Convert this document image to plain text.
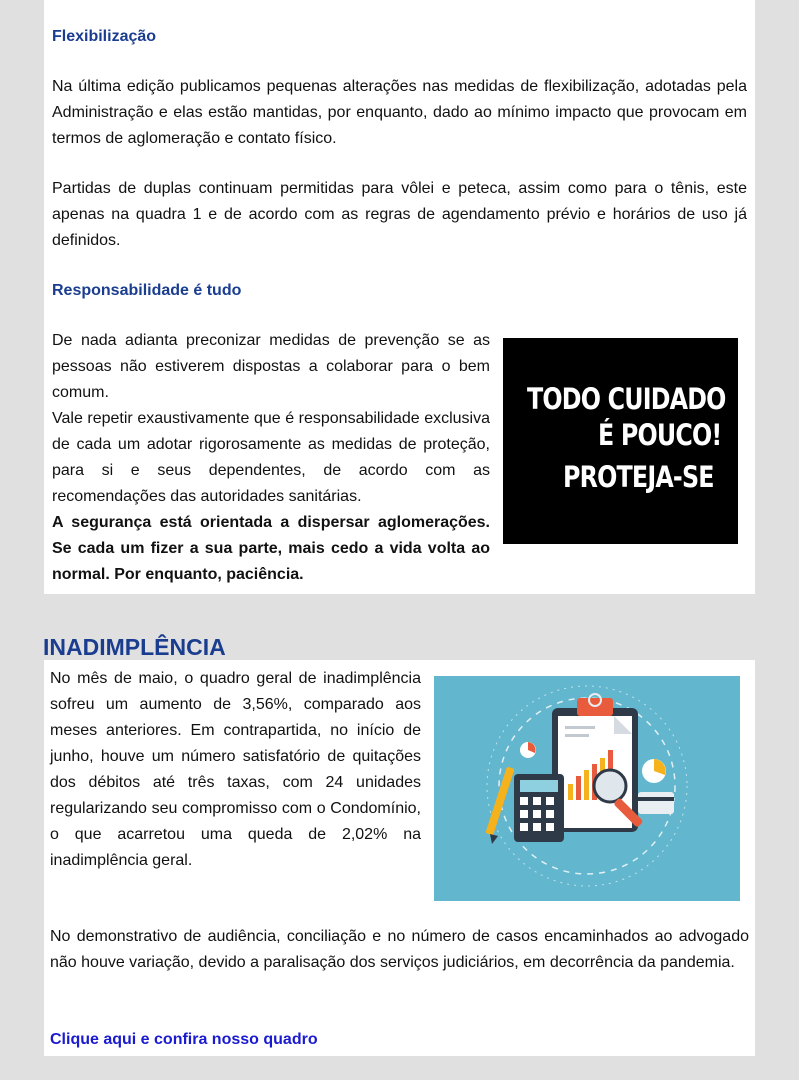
Flexibilização

Na última edição publicamos pequenas alterações nas medidas de flexibilização, adotadas pela Administração e elas estão mantidas, por enquanto, dado ao mínimo impacto que provocam em termos de aglomeração e contato físico.

Partidas de duplas continuam permitidas para vôlei e peteca, assim como para o tênis, este apenas na quadra 1 e de acordo com as regras de agendamento prévio e horários de uso já definidos.

Responsabilidade é tudo

De nada adianta preconizar medidas de prevenção se as pessoas não estiverem dispostas a colaborar para o bem comum.

Vale repetir exaustivamente que é responsabilidade exclusiva de cada um adotar rigorosamente as medidas de proteção, para si e seus dependentes, de acordo com as recomendações das autoridades sanitárias.

A segurança está orientada a dispersar aglomerações. Se cada um fizer a sua parte, mais cedo a vida volta ao normal. Por enquanto, paciência.

TODO CUIDADO
É POUCO!
PROTEJA-SE
INADIMPLÊNCIA

No mês de maio, o quadro geral de inadimplência sofreu um aumento de 3,56%, comparado aos meses anteriores. Em contrapartida, no início de junho, houve um número satisfatório de quitações dos débitos até três taxas, com 24 unidades regularizando seu compromisso com o Condomínio, o que acarretou uma queda de 2,02% na inadimplência geral.

No demonstrativo de audiência, conciliação e no número de casos encaminhados ao advogado não houve variação, devido a paralisação dos serviços judiciários, em decorrência da pandemia.

Clique aqui e confira nosso quadro
